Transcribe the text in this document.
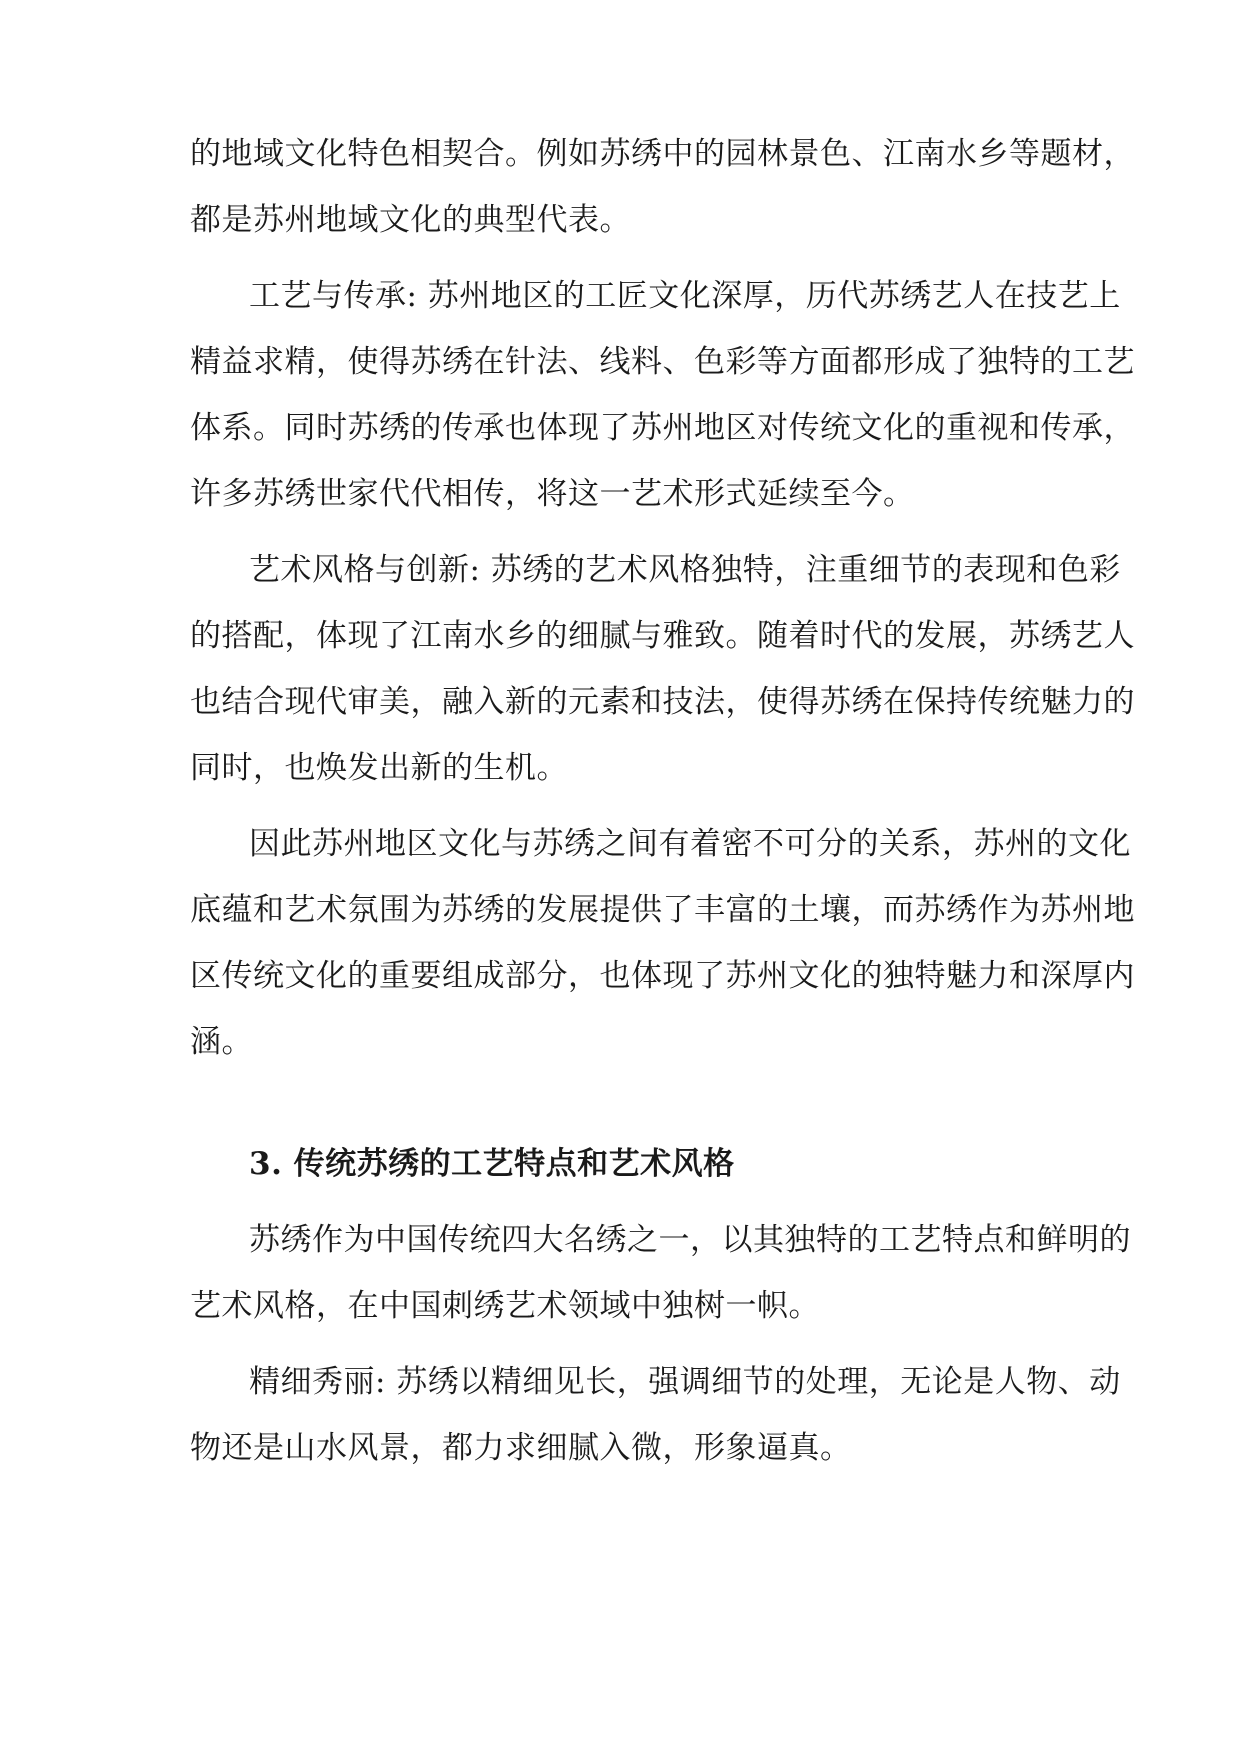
的地域文化特色相契合。例如苏绣中的园林景色、江南水乡等题材，
都是苏州地域文化的典型代表。
工艺与传承: 苏州地区的工匠文化深厚，历代苏绣艺人在技艺上
精益求精，使得苏绣在针法、线料、色彩等方面都形成了独特的工艺
体系。同时苏绣的传承也体现了苏州地区对传统文化的重视和传承，
许多苏绣世家代代相传，将这一艺术形式延续至今。
艺术风格与创新: 苏绣的艺术风格独特，注重细节的表现和色彩
的搭配，体现了江南水乡的细腻与雅致。随着时代的发展，苏绣艺人
也结合现代审美，融入新的元素和技法，使得苏绣在保持传统魅力的
同时，也焕发出新的生机。
因此苏州地区文化与苏绣之间有着密不可分的关系，苏州的文化
底蕴和艺术氛围为苏绣的发展提供了丰富的土壤，而苏绣作为苏州地
区传统文化的重要组成部分，也体现了苏州文化的独特魅力和深厚内
涵。
3. 传统苏绣的工艺特点和艺术风格
苏绣作为中国传统四大名绣之一，以其独特的工艺特点和鲜明的
艺术风格，在中国刺绣艺术领域中独树一帜。
精细秀丽: 苏绣以精细见长，强调细节的处理，无论是人物、动
物还是山水风景，都力求细腻入微，形象逼真。
